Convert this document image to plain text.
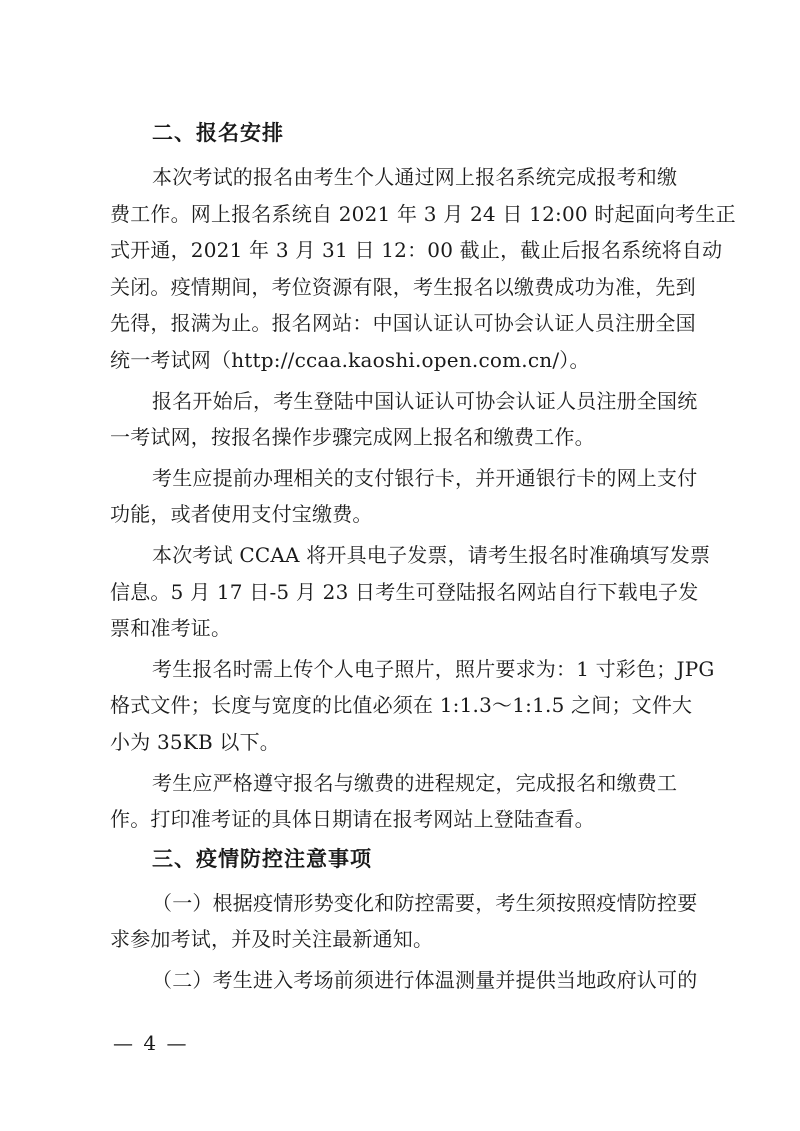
二、报名安排

本次考试的报名由考生个人通过网上报名系统完成报考和缴
费工作。网上报名系统自 2021 年 3 月 24 日 12:00 时起面向考生正
式开通，2021 年 3 月 31 日 12：00 截止，截止后报名系统将自动
关闭。疫情期间，考位资源有限，考生报名以缴费成功为准，先到
先得，报满为止。报名网站：中国认证认可协会认证人员注册全国
统一考试网（http://ccaa.kaoshi.open.com.cn/）。

报名开始后，考生登陆中国认证认可协会认证人员注册全国统
一考试网，按报名操作步骤完成网上报名和缴费工作。

考生应提前办理相关的支付银行卡，并开通银行卡的网上支付
功能，或者使用支付宝缴费。

本次考试 CCAA 将开具电子发票，请考生报名时准确填写发票
信息。5 月 17 日-5 月 23 日考生可登陆报名网站自行下载电子发
票和准考证。

考生报名时需上传个人电子照片，照片要求为：1 寸彩色；JPG
格式文件；长度与宽度的比值必须在 1:1.3～1:1.5 之间；文件大
小为 35KB 以下。

考生应严格遵守报名与缴费的进程规定，完成报名和缴费工
作。打印准考证的具体日期请在报考网站上登陆查看。

三、疫情防控注意事项

（一）根据疫情形势变化和防控需要，考生须按照疫情防控要
求参加考试，并及时关注最新通知。

（二）考生进入考场前须进行体温测量并提供当地政府认可的

— 4 —
